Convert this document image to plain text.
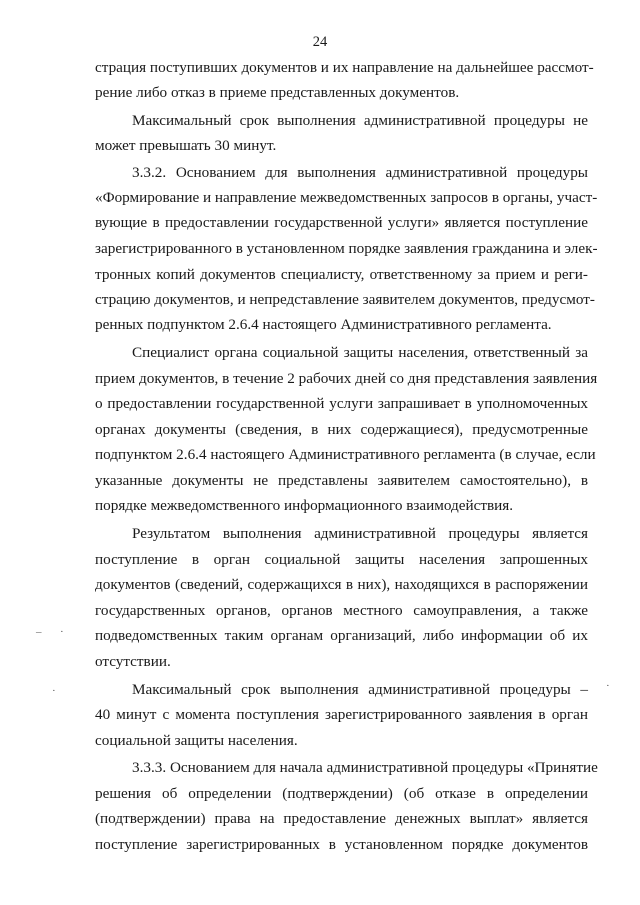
24
страция поступивших документов и их направление на дальнейшее рассмот-
рение либо отказ в приеме представленных документов.
Максимальный срок выполнения административной процедуры не
может превышать 30 минут.
3.3.2. Основанием для выполнения административной процедуры
«Формирование и направление межведомственных запросов в органы, участ-
вующие в предоставлении государственной услуги» является поступление
зарегистрированного в установленном порядке заявления гражданина и элек-
тронных копий документов специалисту, ответственному за прием и реги-
страцию документов, и непредставление заявителем документов, предусмот-
ренных подпунктом 2.6.4 настоящего Административного регламента.
Специалист органа социальной защиты населения, ответственный за
прием документов, в течение 2 рабочих дней со дня представления заявления
о предоставлении государственной услуги запрашивает в уполномоченных
органах документы (сведения, в них содержащиеся), предусмотренные
подпунктом 2.6.4 настоящего Административного регламента (в случае, если
указанные документы не представлены заявителем самостоятельно), в
порядке межведомственного информационного взаимодействия.
Результатом выполнения административной процедуры является
поступление в орган социальной защиты населения запрошенных
документов (сведений, содержащихся в них), находящихся в распоряжении
государственных органов, органов местного самоуправления, а также
подведомственных таким органам организаций, либо информации об их
отсутствии.
Максимальный срок выполнения административной процедуры –
40 минут с момента поступления зарегистрированного заявления в орган
социальной защиты населения.
3.3.3. Основанием для начала административной процедуры «Принятие
решения об определении (подтверждении) (об отказе в определении
(подтверждении) права на предоставление денежных выплат» является
поступление зарегистрированных в установленном порядке документов
– ·
·	·
